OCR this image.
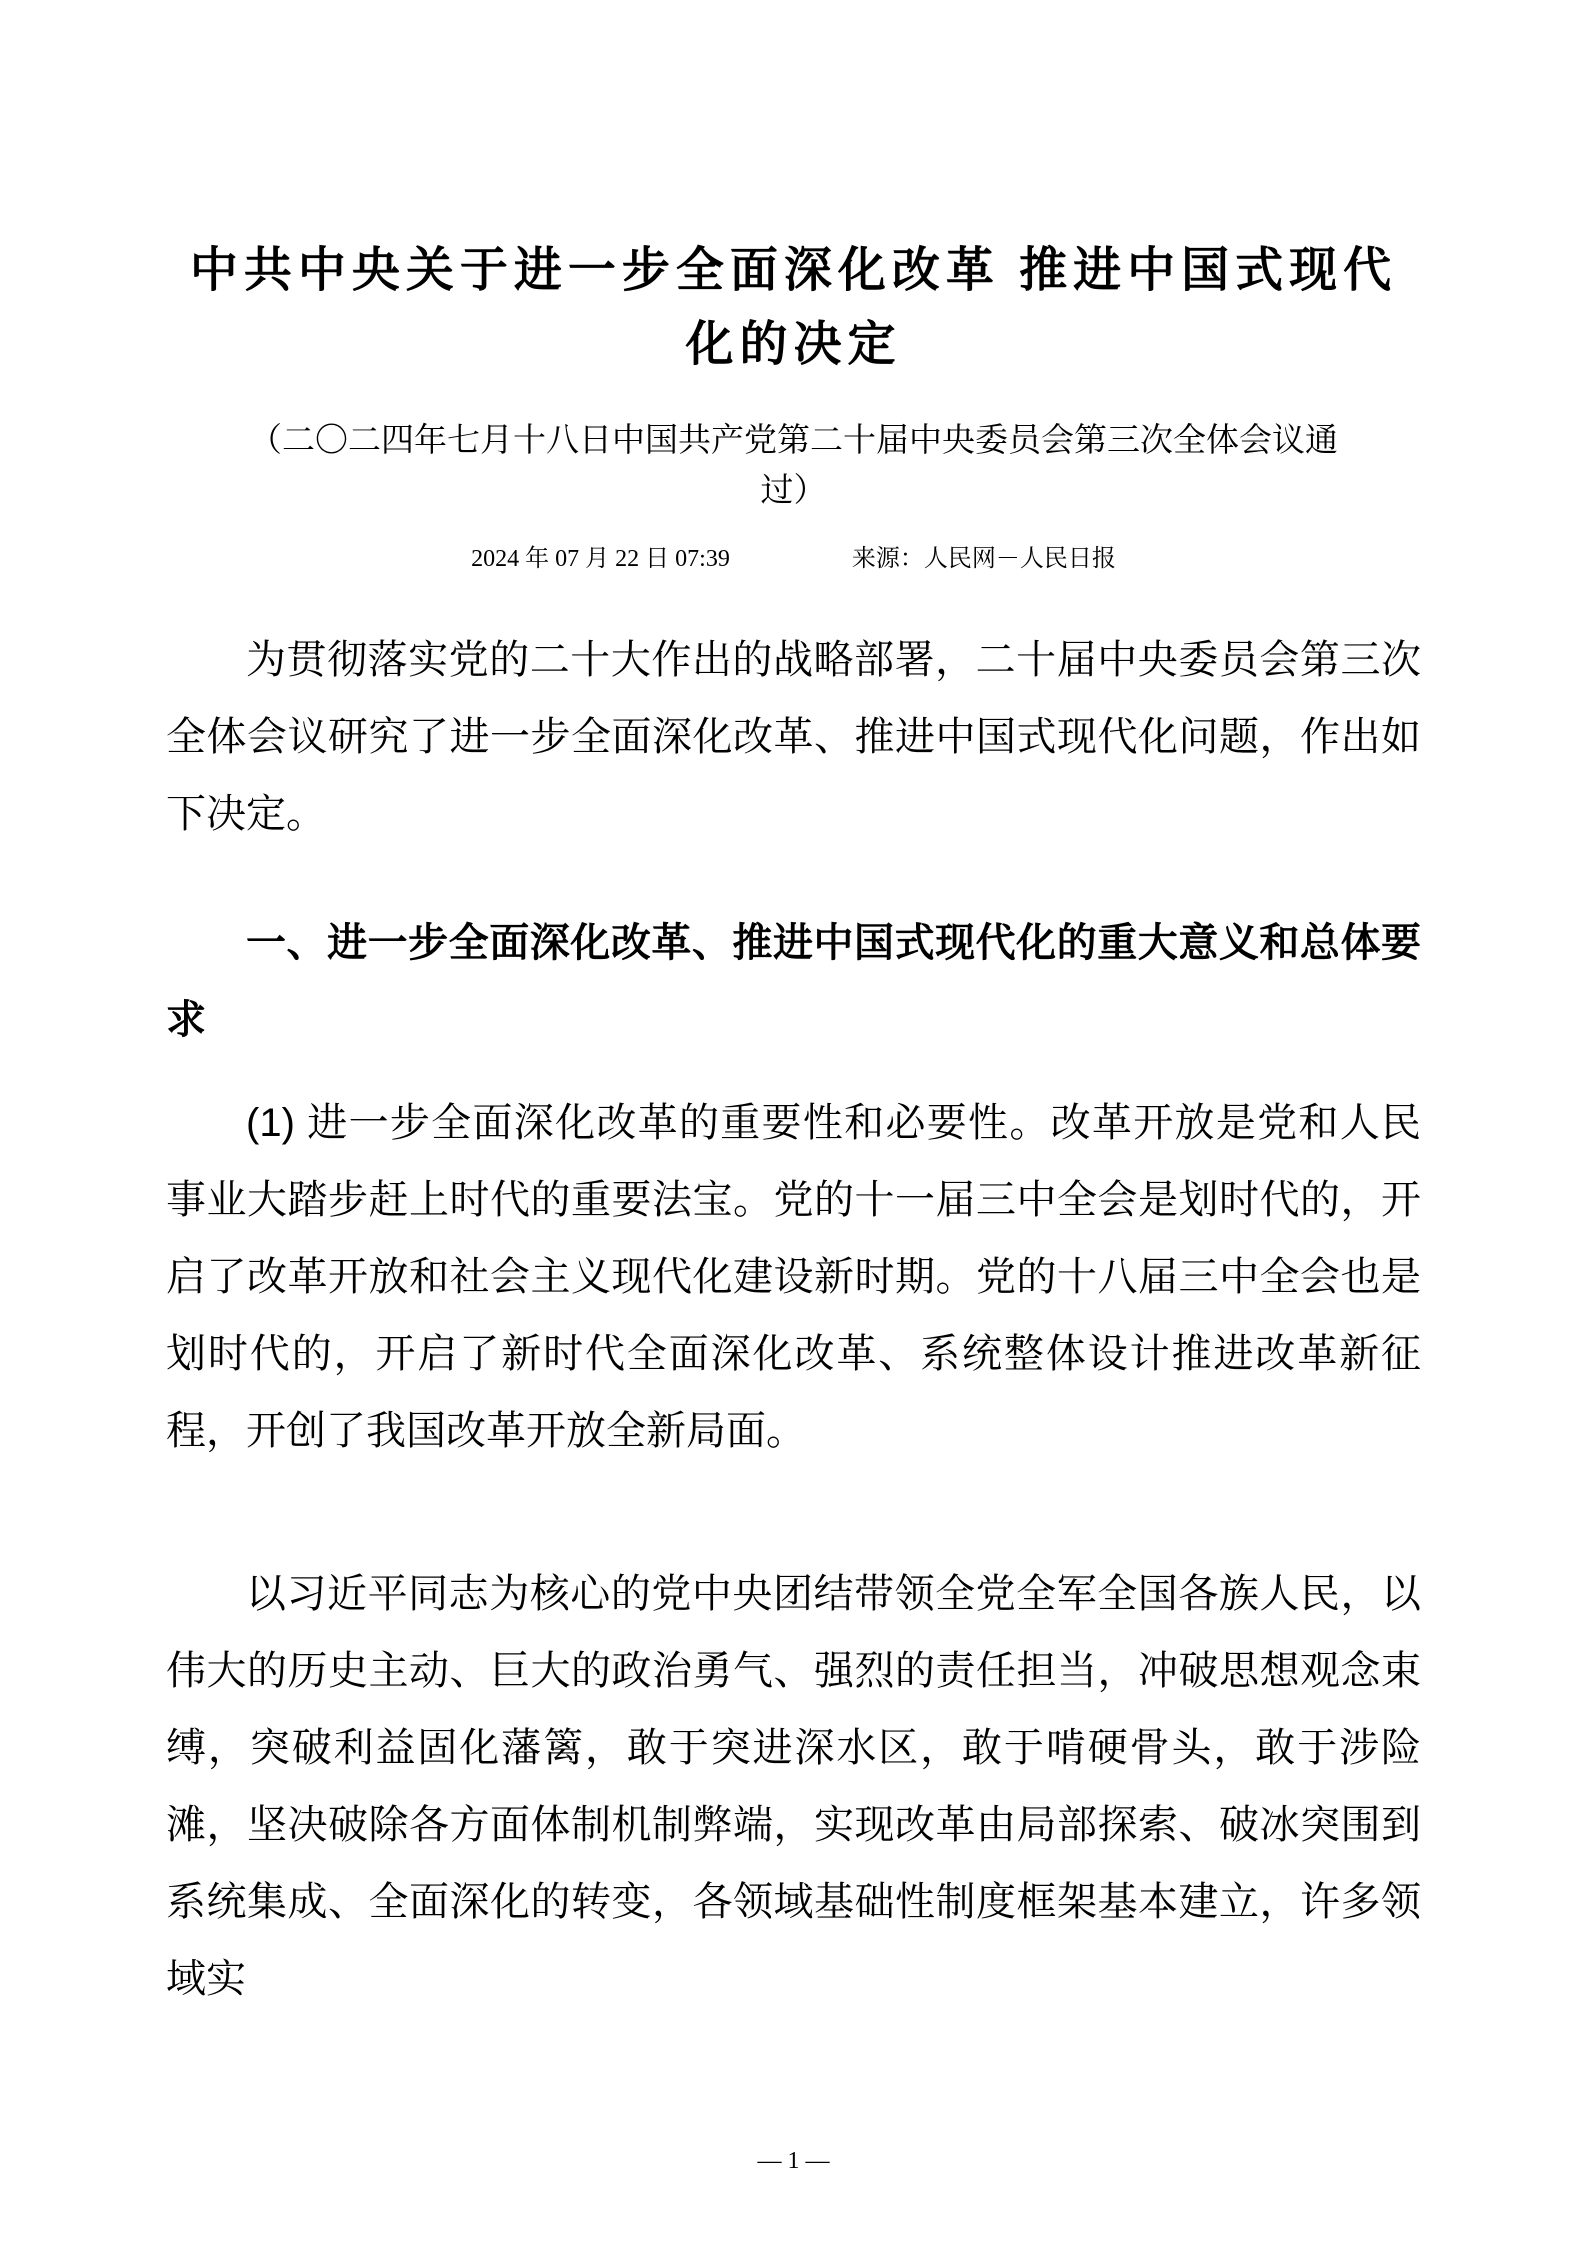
中共中央关于进一步全面深化改革 推进中国式现代
化的决定
（二〇二四年七月十八日中国共产党第二十届中央委员会第三次全体会议通
过）
2024 年 07 月 22 日 07:39	来源：人民网－人民日报

为贯彻落实党的二十大作出的战略部署，二十届中央委员会第三次全体会议研究了进一步全面深化改革、推进中国式现代化问题，作出如下决定。

一、进一步全面深化改革、推进中国式现代化的重大意义和总体要求

(1) 进一步全面深化改革的重要性和必要性。改革开放是党和人民事业大踏步赶上时代的重要法宝。党的十一届三中全会是划时代的，开启了改革开放和社会主义现代化建设新时期。党的十八届三中全会也是划时代的，开启了新时代全面深化改革、系统整体设计推进改革新征程，开创了我国改革开放全新局面。

以习近平同志为核心的党中央团结带领全党全军全国各族人民，以伟大的历史主动、巨大的政治勇气、强烈的责任担当，冲破思想观念束缚，突破利益固化藩篱，敢于突进深水区，敢于啃硬骨头，敢于涉险滩，坚决破除各方面体制机制弊端，实现改革由局部探索、破冰突围到系统集成、全面深化的转变，各领域基础性制度框架基本建立，许多领域实

— 1 —
